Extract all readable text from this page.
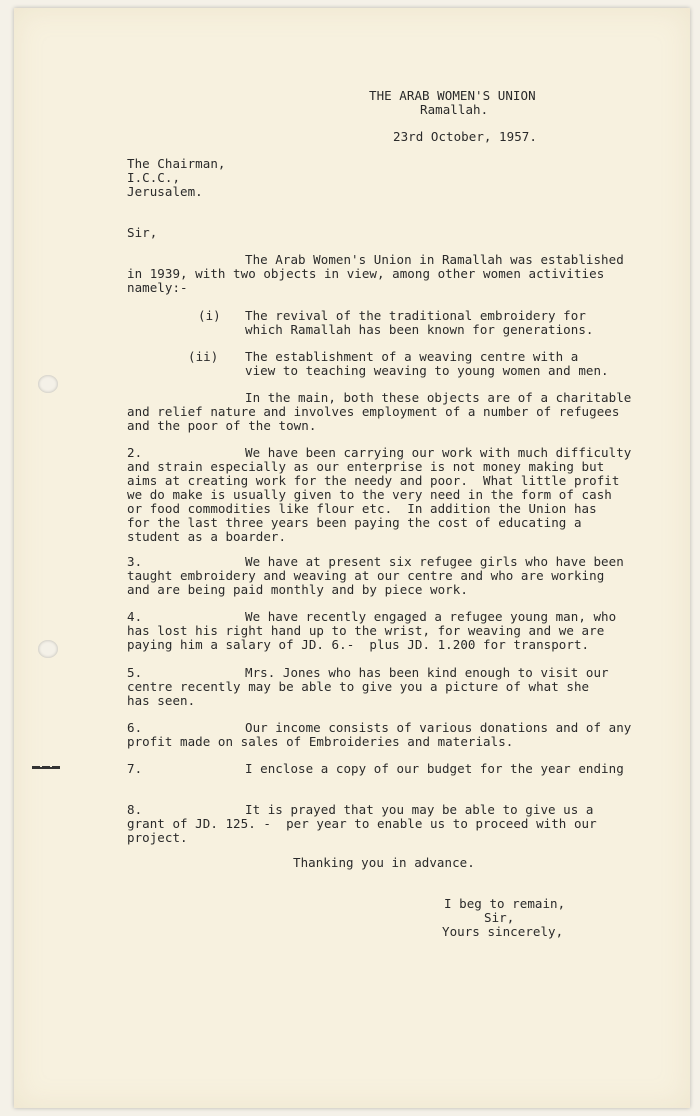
THE ARAB WOMEN'S UNION
Ramallah.
23rd October, 1957.
The Chairman,
I.C.C.,
Jerusalem.
Sir,
The Arab Women's Union in Ramallah was established
in 1939, with two objects in view, among other women activities
namely:-
(i) The revival of the traditional embroidery for
which Ramallah has been known for generations.
(ii) The establishment of a weaving centre with a
view to teaching weaving to young women and men.
In the main, both these objects are of a charitable
and relief nature and involves employment of a number of refugees
and the poor of the town.
2.	We have been carrying our work with much difficulty
and strain especially as our enterprise is not money making but
aims at creating work for the needy and poor.  What little profit
we do make is usually given to the very need in the form of cash
or food commodities like flour etc.  In addition the Union has
for the last three years been paying the cost of educating a
student as a boarder.
3.	We have at present six refugee girls who have been
taught embroidery and weaving at our centre and who are working
and are being paid monthly and by piece work.
4.	We have recently engaged a refugee young man, who
has lost his right hand up to the wrist, for weaving and we are
paying him a salary of JD. 6.-  plus JD. 1.200 for transport.
5.	Mrs. Jones who has been kind enough to visit our
centre recently may be able to give you a picture of what she
has seen.
6.	Our income consists of various donations and of any
profit made on sales of Embroideries and materials.
7.	I enclose a copy of our budget for the year ending
8.	It is prayed that you may be able to give us a
grant of JD. 125. -  per year to enable us to proceed with our
project.
Thanking you in advance.
I beg to remain,
Sir,
Yours sincerely,
